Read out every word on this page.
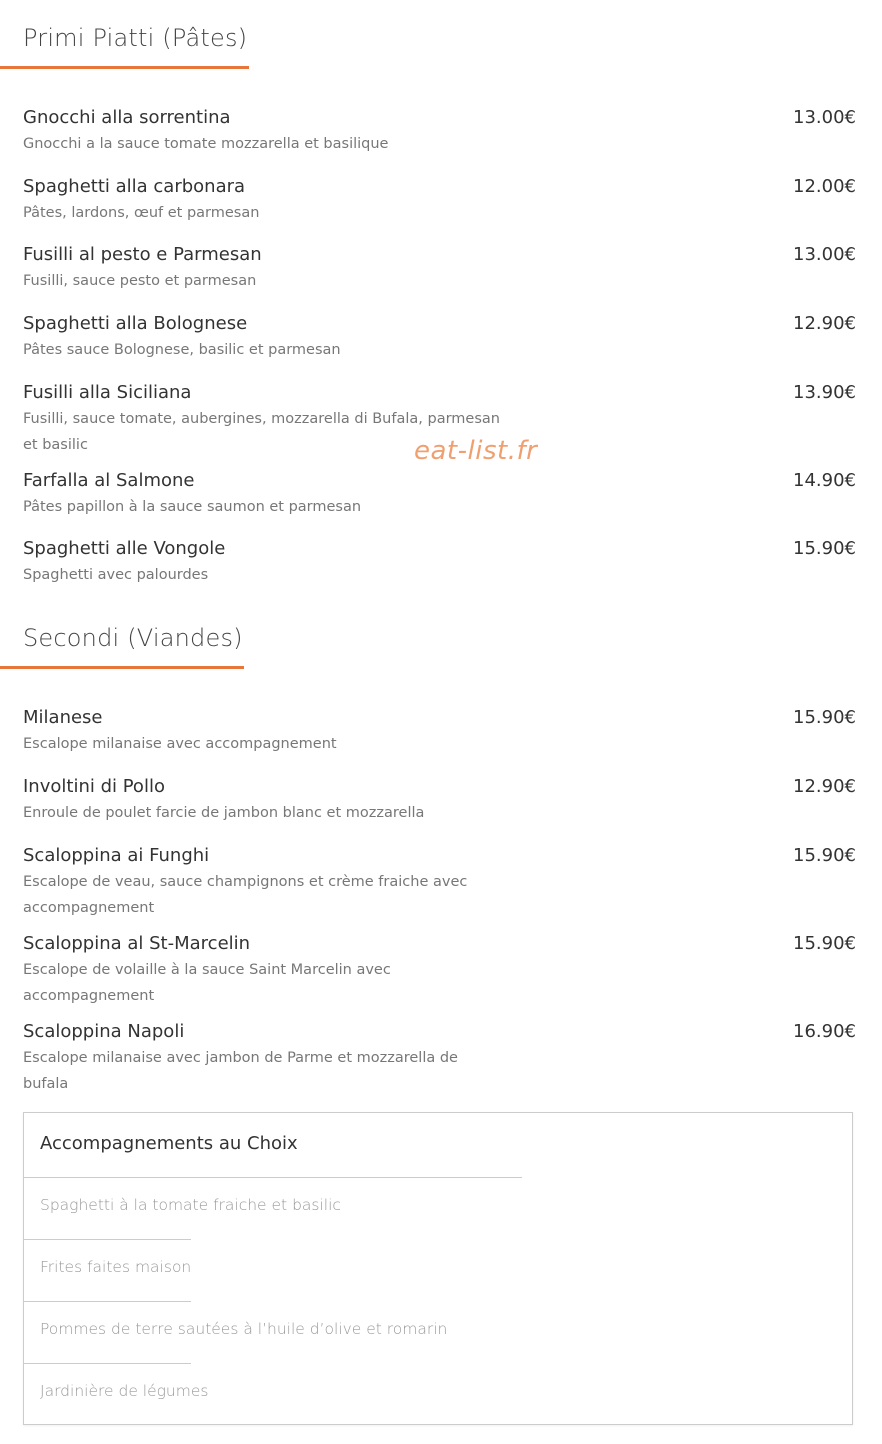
Primi Piatti (Pâtes)
Gnocchi alla sorrentina
Gnocchi a la sauce tomate mozzarella et basilique
13.00€
Spaghetti alla carbonara
Pâtes, lardons, œuf et parmesan
12.00€
Fusilli al pesto e Parmesan
Fusilli, sauce pesto et parmesan
13.00€
Spaghetti alla Bolognese
Pâtes sauce Bolognese, basilic et parmesan
12.90€
Fusilli alla Siciliana
Fusilli, sauce tomate, aubergines, mozzarella di Bufala, parmesan et basilic
13.90€
Farfalla al Salmone
Pâtes papillon à la sauce saumon et parmesan
14.90€
Spaghetti alle Vongole
Spaghetti avec palourdes
15.90€
eat-list.fr
Secondi (Viandes)
Milanese
Escalope milanaise avec accompagnement
15.90€
Involtini di Pollo
Enroule de poulet farcie de jambon blanc et mozzarella
12.90€
Scaloppina ai Funghi
Escalope de veau, sauce champignons et crème fraiche avec accompagnement
15.90€
Scaloppina al St-Marcelin
Escalope de volaille à la sauce Saint Marcelin avec accompagnement
15.90€
Scaloppina Napoli
Escalope milanaise avec jambon de Parme et mozzarella de bufala
16.90€
Accompagnements au Choix
Spaghetti à la tomate fraiche et basilic
Frites faites maison
Pommes de terre sautées à l’huile d’olive et romarin
Jardinière de légumes
